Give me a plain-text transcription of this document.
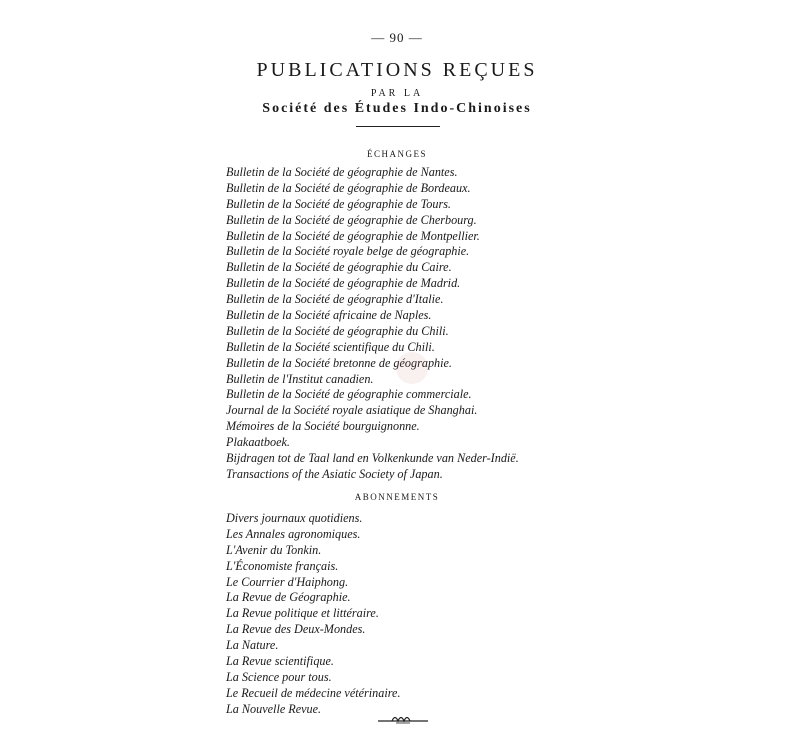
— 90 —
PUBLICATIONS REÇUES
PAR LA
Société des Études Indo-Chinoises
ÉCHANGES
Bulletin de la Société de géographie de Nantes.
Bulletin de la Société de géographie de Bordeaux.
Bulletin de la Société de géographie de Tours.
Bulletin de la Société de géographie de Cherbourg.
Bulletin de la Société de géographie de Montpellier.
Bulletin de la Société royale belge de géographie.
Bulletin de la Société de géographie du Caire.
Bulletin de la Société de géographie de Madrid.
Bulletin de la Société de géographie d'Italie.
Bulletin de la Société africaine de Naples.
Bulletin de la Société de géographie du Chili.
Bulletin de la Société scientifique du Chili.
Bulletin de la Société bretonne de géographie.
Bulletin de l'Institut canadien.
Bulletin de la Société de géographie commerciale.
Journal de la Société royale asiatique de Shanghai.
Mémoires de la Société bourguignonne.
Plakaatboek.
Bijdragen tot de Taal land en Volkenkunde van Neder-Indië.
Transactions of the Asiatic Society of Japan.
ABONNEMENTS
Divers journaux quotidiens.
Les Annales agronomiques.
L'Avenir du Tonkin.
L'Économiste français.
Le Courrier d'Haiphong.
La Revue de Géographie.
La Revue politique et littéraire.
La Revue des Deux-Mondes.
La Nature.
La Revue scientifique.
La Science pour tous.
Le Recueil de médecine vétérinaire.
La Nouvelle Revue.
